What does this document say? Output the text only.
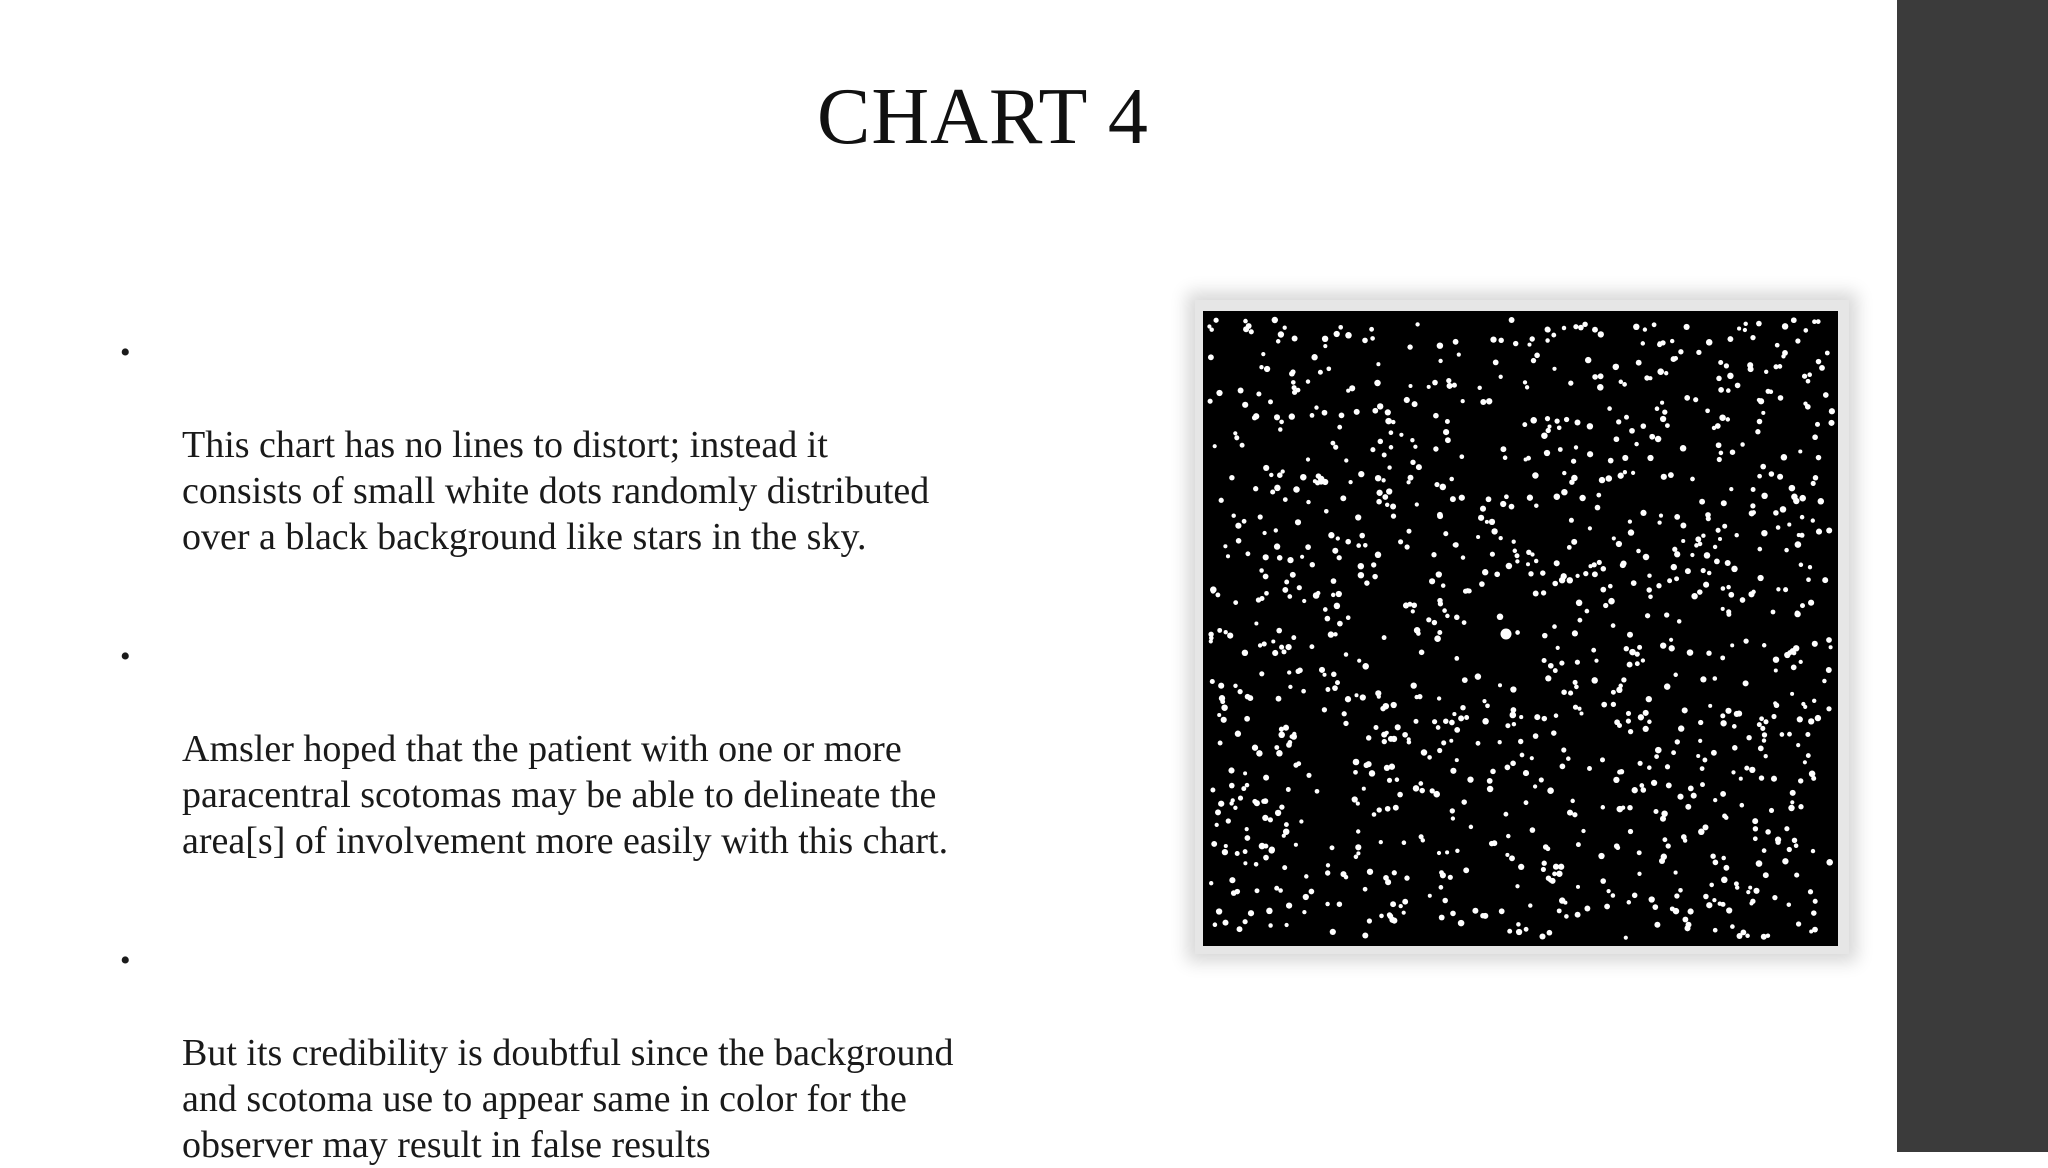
CHART 4

•

This chart has no lines to distort; instead it
consists of small white dots randomly distributed
over a black background like stars in the sky.

•

Amsler hoped that the patient with one or more
paracentral scotomas may be able to delineate the
area[s] of involvement more easily with this chart.

•

But its credibility is doubtful since the background
and scotoma use to appear same in color for the
observer may result in false results
